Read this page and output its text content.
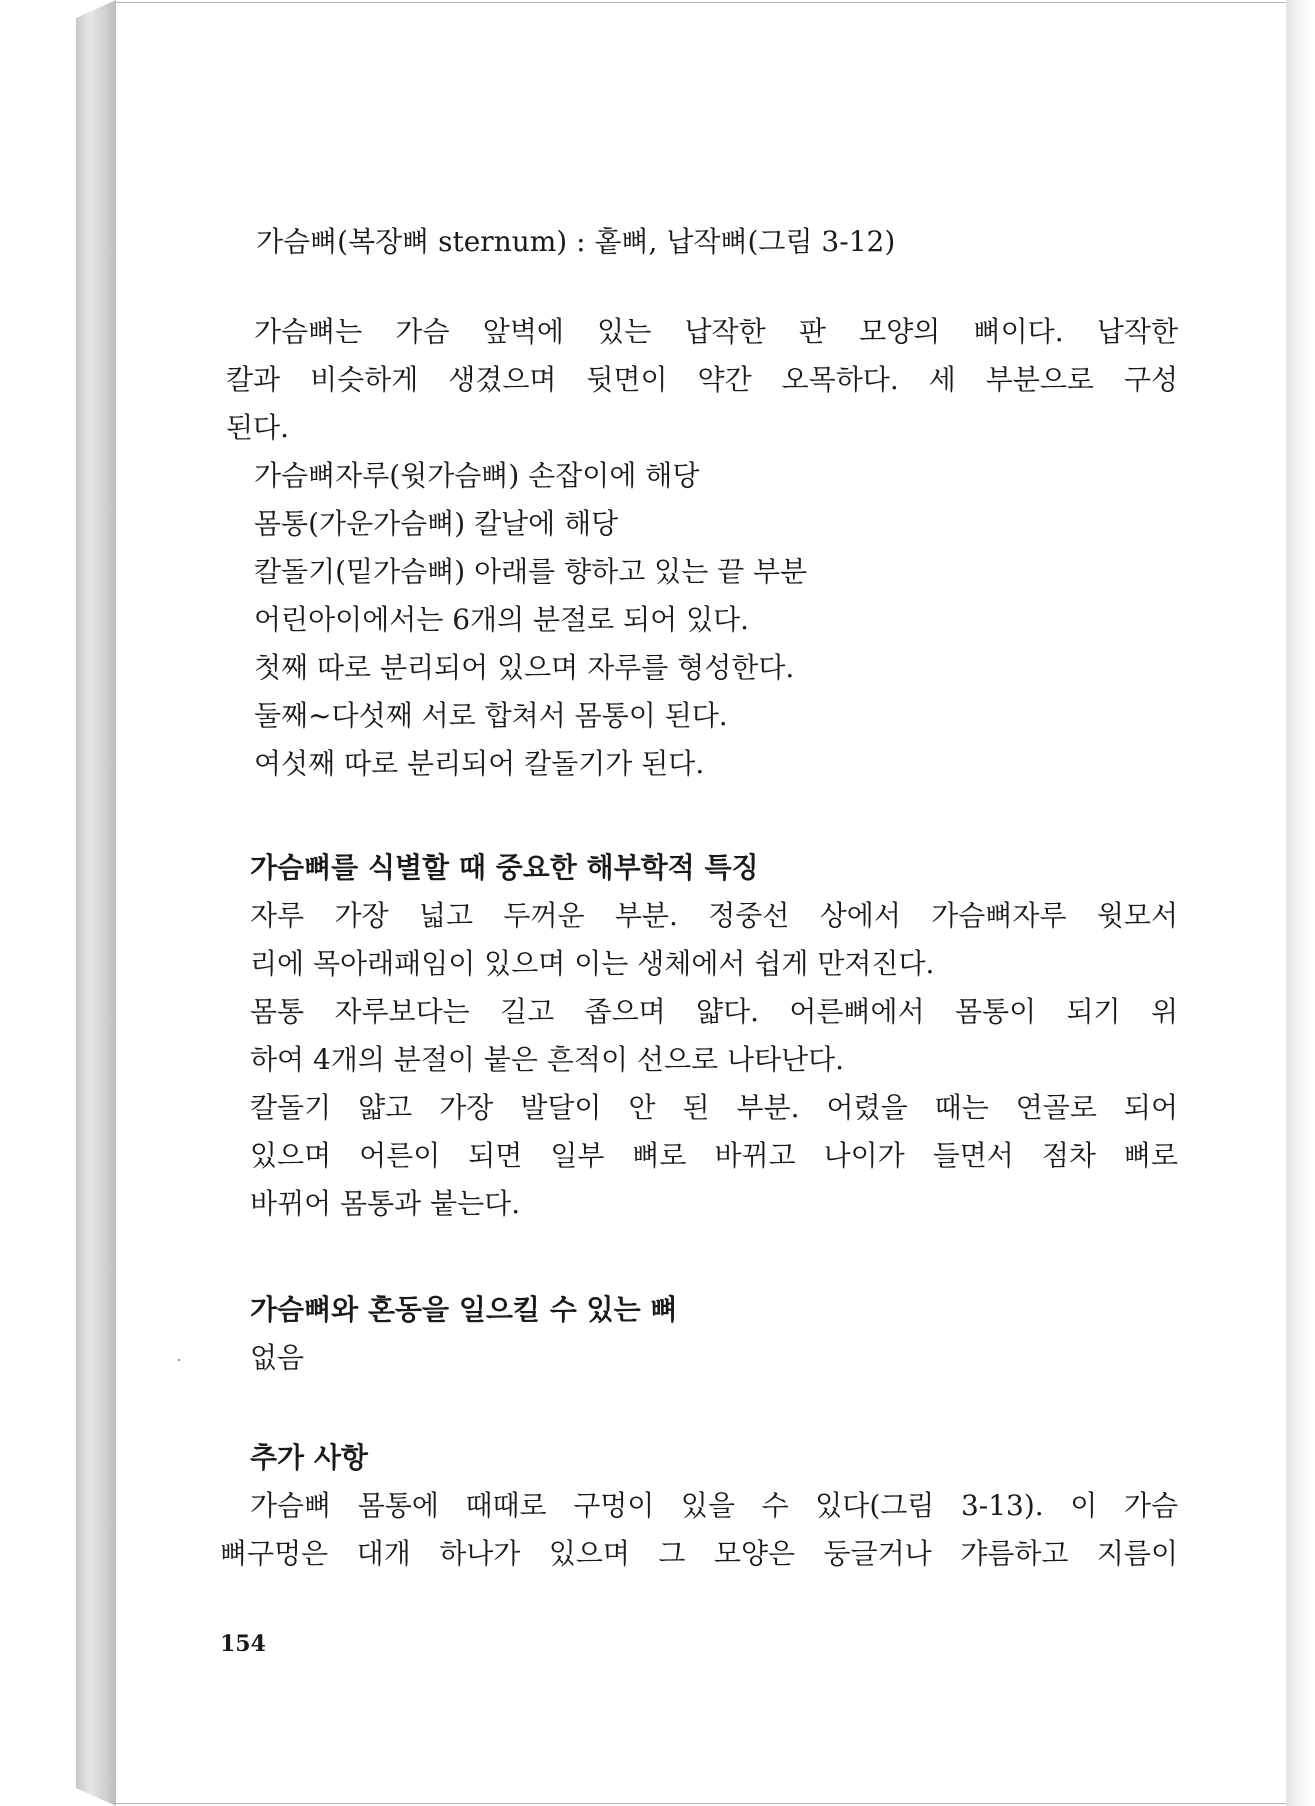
가슴뼈(복장뼈 sternum) : 홑뼈, 납작뼈(그림 3-12)
가슴뼈는 가슴 앞벽에 있는 납작한 판 모양의 뼈이다. 납작한
칼과 비슷하게 생겼으며 뒷면이 약간 오목하다. 세 부분으로 구성
된다.
가슴뼈자루(윗가슴뼈) 손잡이에 해당
몸통(가운가슴뼈) 칼날에 해당
칼돌기(밑가슴뼈) 아래를 향하고 있는 끝 부분
어린아이에서는 6개의 분절로 되어 있다.
첫째 따로 분리되어 있으며 자루를 형성한다.
둘째~다섯째 서로 합쳐서 몸통이 된다.
여섯째 따로 분리되어 칼돌기가 된다.
가슴뼈를 식별할 때 중요한 해부학적 특징
자루 가장 넓고 두꺼운 부분. 정중선 상에서 가슴뼈자루 윗모서
리에 목아래패임이 있으며 이는 생체에서 쉽게 만져진다.
몸통 자루보다는 길고 좁으며 얇다. 어른뼈에서 몸통이 되기 위
하여 4개의 분절이 붙은 흔적이 선으로 나타난다.
칼돌기 얇고 가장 발달이 안 된 부분. 어렸을 때는 연골로 되어
있으며 어른이 되면 일부 뼈로 바뀌고 나이가 들면서 점차 뼈로
바뀌어 몸통과 붙는다.
가슴뼈와 혼동을 일으킬 수 있는 뼈
없음
추가 사항
가슴뼈 몸통에 때때로 구멍이 있을 수 있다(그림 3-13). 이 가슴
뼈구멍은 대개 하나가 있으며 그 모양은 둥글거나 갸름하고 지름이
154
